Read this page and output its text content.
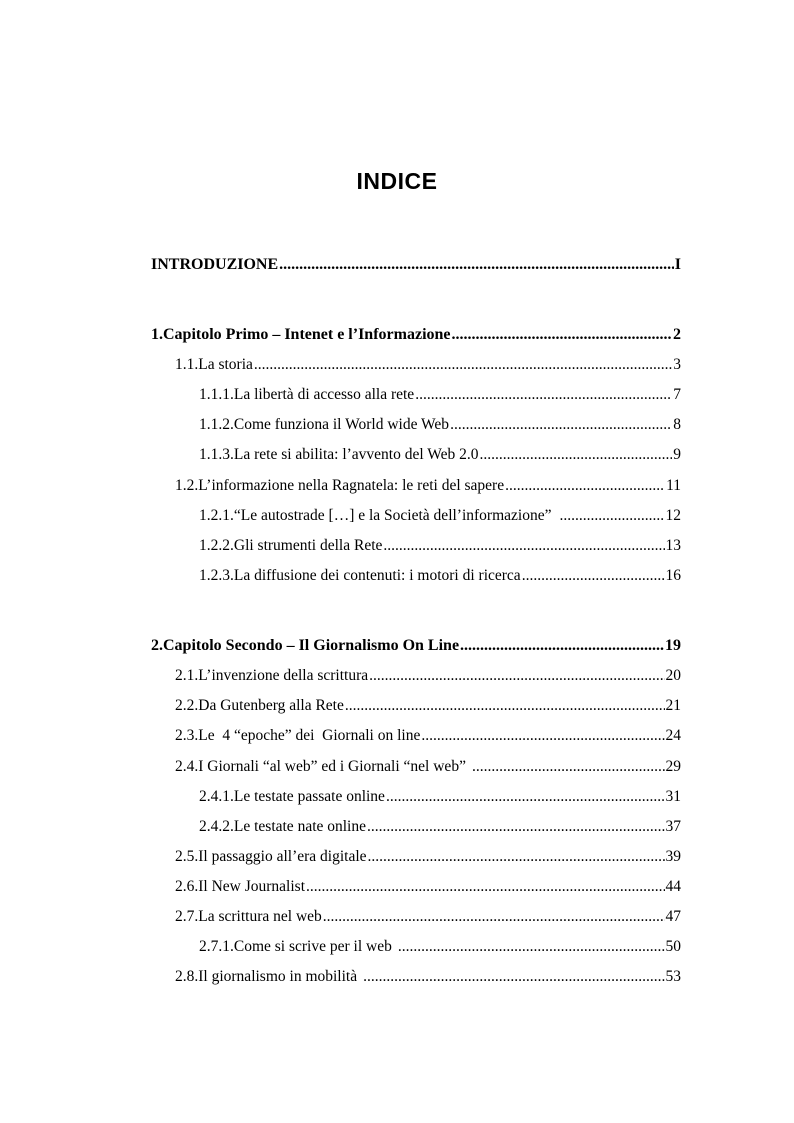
INDICE
INTRODUZIONE .....	I
1. Capitolo Primo – Intenet e l’Informazione .....	2
1.1. La storia .....	3
1.1.1. La libertà di accesso alla rete .....	7
1.1.2. Come funziona il World wide Web .....	8
1.1.3. La rete si abilita: l’avvento del Web 2.0 .....	9
1.2. L’informazione nella Ragnatela: le reti del sapere .....	11
1.2.1. “Le autostrade […] e la Società dell’informazione” .....	12
1.2.2. Gli strumenti della Rete .....	13
1.2.3. La diffusione dei contenuti: i motori di ricerca .....	16
2. Capitolo Secondo – Il Giornalismo On Line .....	19
2.1. L’invenzione della scrittura .....	20
2.2. Da Gutenberg alla Rete .....	21
2.3. Le  4 “epoche” dei  Giornali on line .....	24
2.4. I Giornali “al web” ed i Giornali “nel web” .....	29
2.4.1. Le testate passate online .....	31
2.4.2. Le testate nate online .....	37
2.5. Il passaggio all’era digitale .....	39
2.6. Il New Journalist .....	44
2.7. La scrittura nel web .....	47
2.7.1. Come si scrive per il web .....	50
2.8. Il giornalismo in mobilità .....	53
